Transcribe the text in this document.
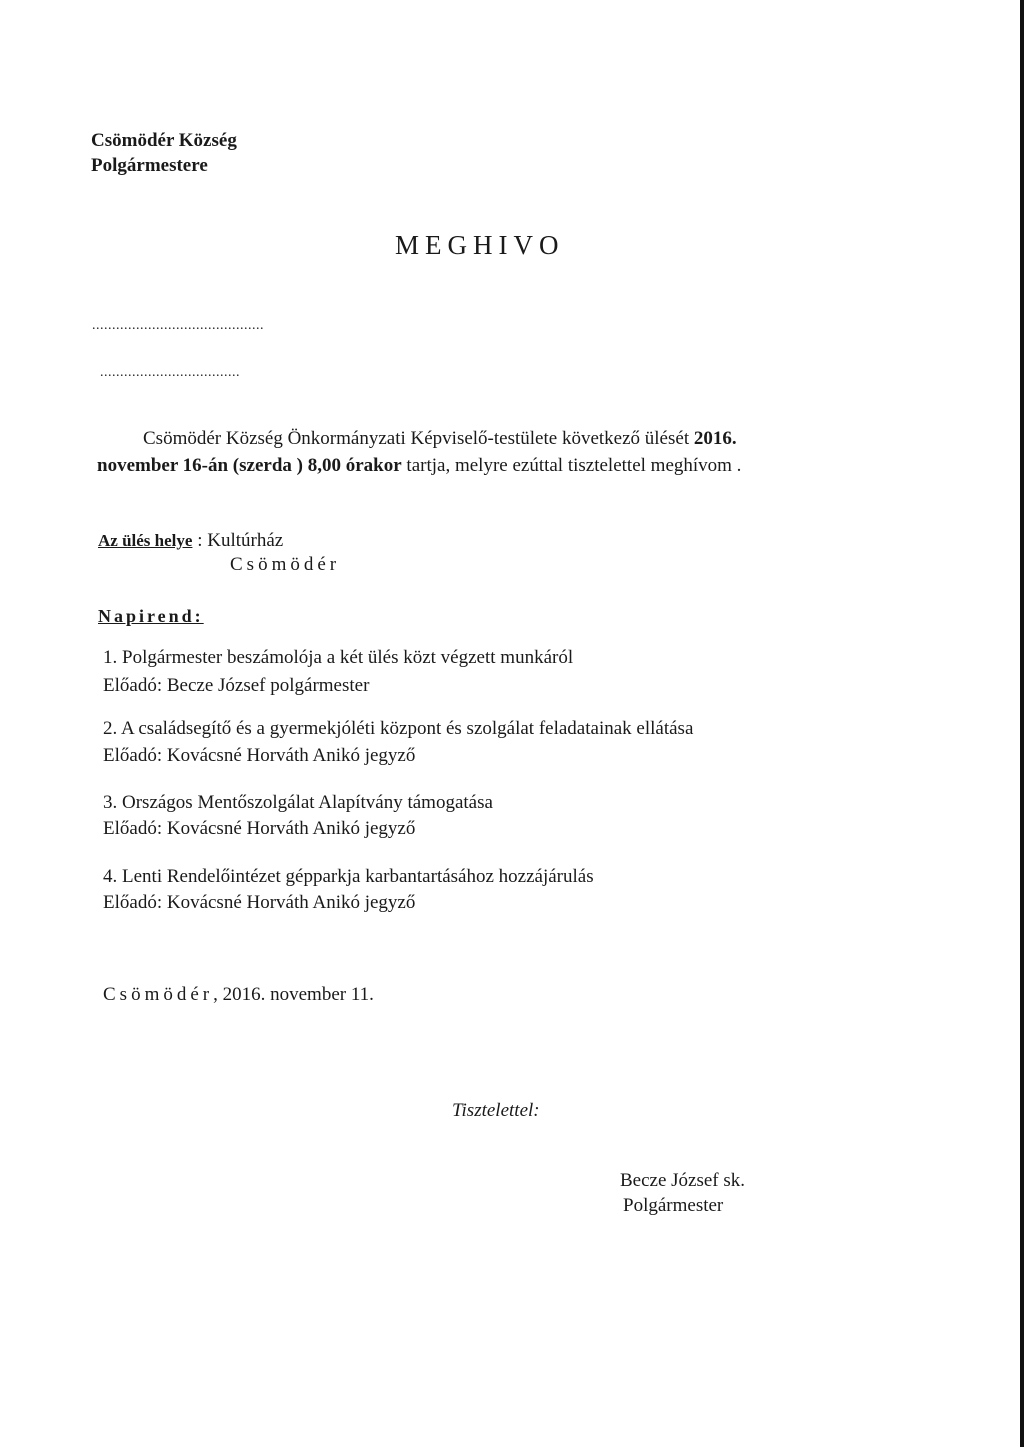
Csömödér Község
Polgármestere
MEGHIVO
...........................................
...................................
Csömödér Község Önkormányzati Képviselő-testülete következő ülését 2016.
november 16-án (szerda ) 8,00 órakor tartja, melyre ezúttal tisztelettel meghívom .
Az ülés helye : Kultúrház
Csömödér
Napirend:
1. Polgármester beszámolója a két ülés közt végzett munkáról
Előadó: Becze József polgármester
2. A családsegítő és a gyermekjóléti központ és szolgálat feladatainak ellátása
Előadó: Kovácsné Horváth Anikó jegyző
3. Országos Mentőszolgálat Alapítvány támogatása
Előadó: Kovácsné Horváth Anikó jegyző
4. Lenti Rendelőintézet gépparkja karbantartásához hozzájárulás
Előadó: Kovácsné Horváth Anikó jegyző
Csömödér, 2016. november 11.
Tisztelettel:
Becze József sk.
Polgármester
